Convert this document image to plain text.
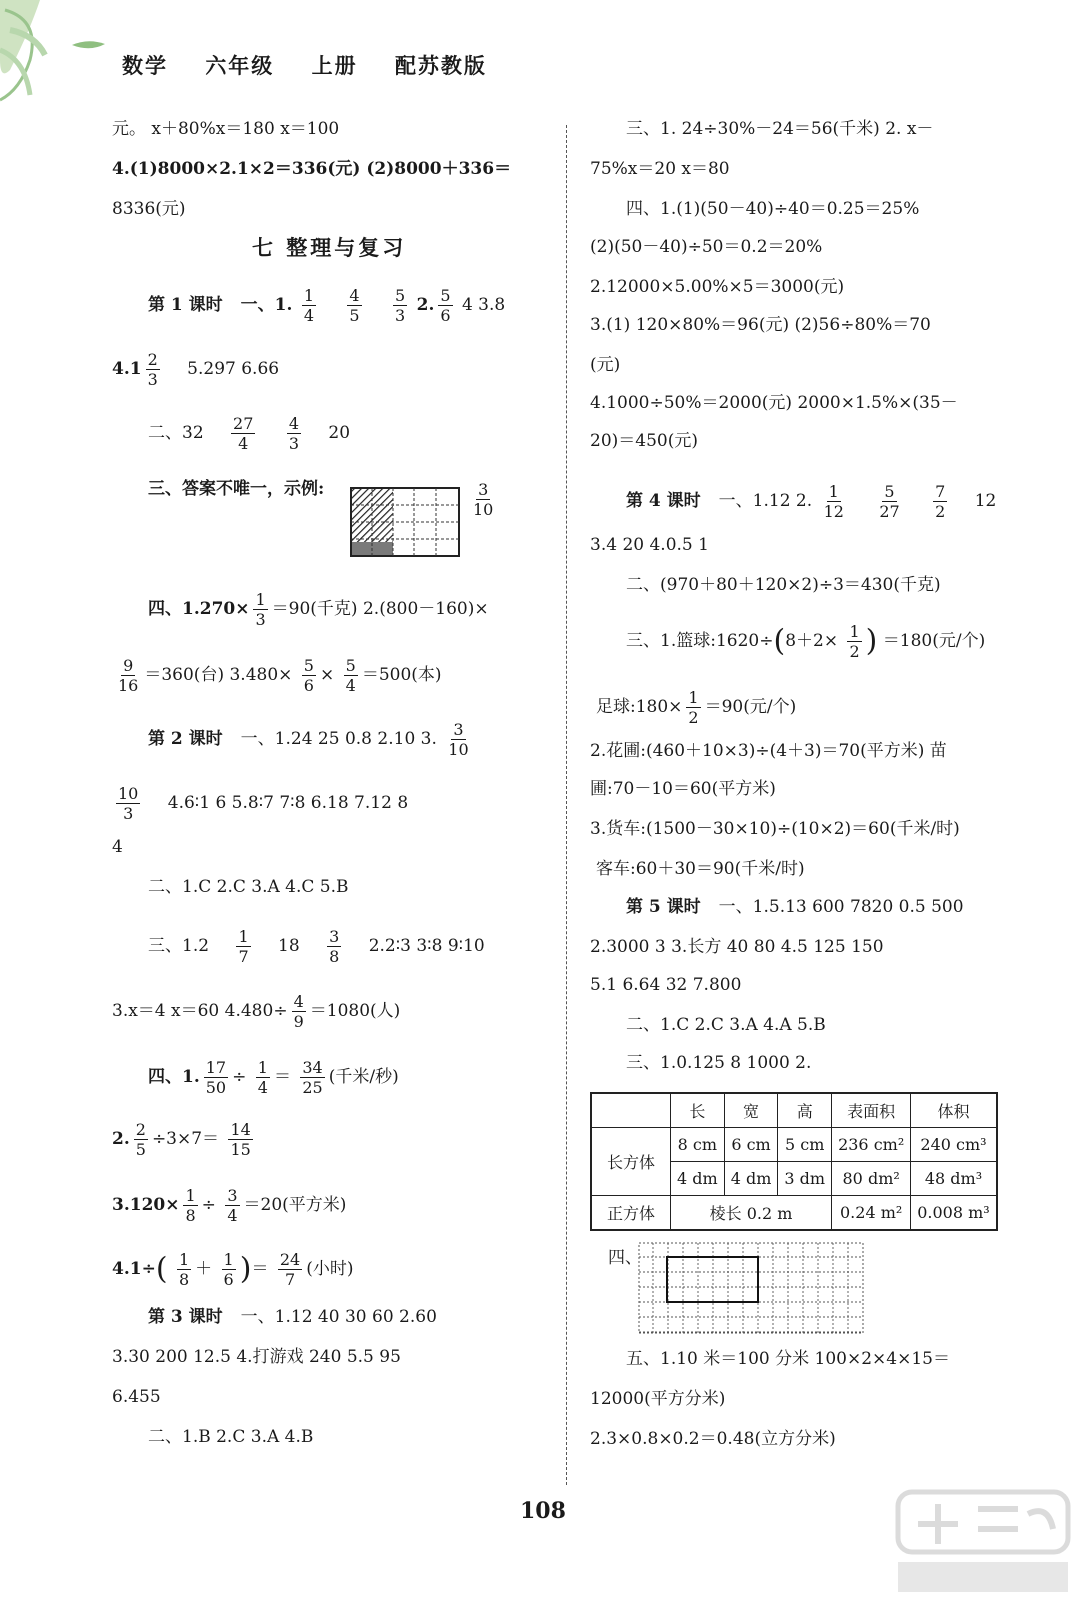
数学 六年级 上册 配苏教版
元。 x＋80%x＝180 x＝100
4.(1)8000×2.1×2＝336(元) (2)8000＋336＝
8336(元)
七 整理与复习
第 1 课时 一、1. $\frac{1}{4}$
$\frac{4}{5}$
$\frac{5}{3} 2$. $\frac{5}{6} 4$ 3.8
$4.1 \frac{2}{3} 5.297$ 6.66
二、$32 \frac{27}{4}$
$\frac{4}{3} 20$
三、答案不唯一，示例:	$\frac{3}{10}$
四、$1.270\times \frac{1}{3} =90$(千克) 2.(800－160)×
$\frac{9}{16} =360$(台) $3.480\times \frac{5}{6} \times \frac{5}{4} =500$(本)
第 2 课时 一、1.24 25 0.8 2.10 3. $\frac{3}{10}$
$\frac{10}{3}$ 4.6∶1 6 5.8∶7 7∶8 6.18 7.12 8
4
二、1.C 2.C 3.A 4.C 5.B
三、$1.2 \frac{1}{7} 18 \frac{3}{8}$ 2.2∶3 3∶8 9∶10
3.x＝4 x＝60 $4.480\div \frac{4}{9} =1080$(人)
四、1. $\frac{17}{50} \div \frac{1}{4} = \frac{34}{25}$ (千米/秒)
2. $\frac{2}{5} \div 3\times 7= \frac{14}{15}$
$3.120\times \frac{1}{8} \div \frac{3}{4} =20$(平方米)
$4.1\div( \frac{1}{8} + \frac{1}{6}$ )＝ $\frac{24}{7}$ (小时)
第 3 课时 一、1.12 40 30 60 2.60
3.30 200 12.5 4.打游戏 240 5.5 95
6.455
二、1.B 2.C 3.A 4.B
三、1. 24÷30%－24＝56(千米) 2. x－
75%x＝20 x＝80
四、1.(1)(50－40)÷40＝0.25＝25%
(2)(50－40)÷50＝0.2＝20%
2.12000×5.00%×5＝3000(元)
3.(1) 120×80%＝96(元) (2)56÷80%＝70
(元)
4.1000÷50%＝2000(元) 2000×1.5%×(35－
20)＝450(元)
第 4 课时 一、1.12 2. $\frac{1}{12}$
$\frac{5}{27}$
$\frac{7}{2} 12$
3.4 20 4.0.5 1
二、(970＋80＋120×2)÷3＝430(千克)
三、1.篮球:1620÷(8＋2× $\frac{1}{2}$ ) ＝180(元/个)
足球:180× $\frac{1}{2} =90$(元/个)
2.花圃:(460＋10×3)÷(4＋3)＝70(平方米) 苗
圃:70－10＝60(平方米)
3.货车:(1500－30×10)÷(10×2)＝60(千米/时)
客车:60＋30＝90(千米/时)
第 5 课时 一、1.5.13 600 7820 0.5 500
2.3000 3 3.长方 40 80 4.5 125 150
5.1 6.64 32 7.800
二、1.C 2.C 3.A 4.A 5.B
三、1.0.125 8 1000 2.
	长	宽	高	表面积	体积
长方体	8 cm	6 cm	5 cm	236 cm²	240 cm³
	4 dm	4 dm	3 dm	80 dm²	48 dm³
正方体	棱长 0.2 m			0.24 m²	0.008 m³
四、
五、1.10 米＝100 分米 100×2×4×15＝
12000(平方分米)
2.3×0.8×0.2＝0.48(立方分米)
108
